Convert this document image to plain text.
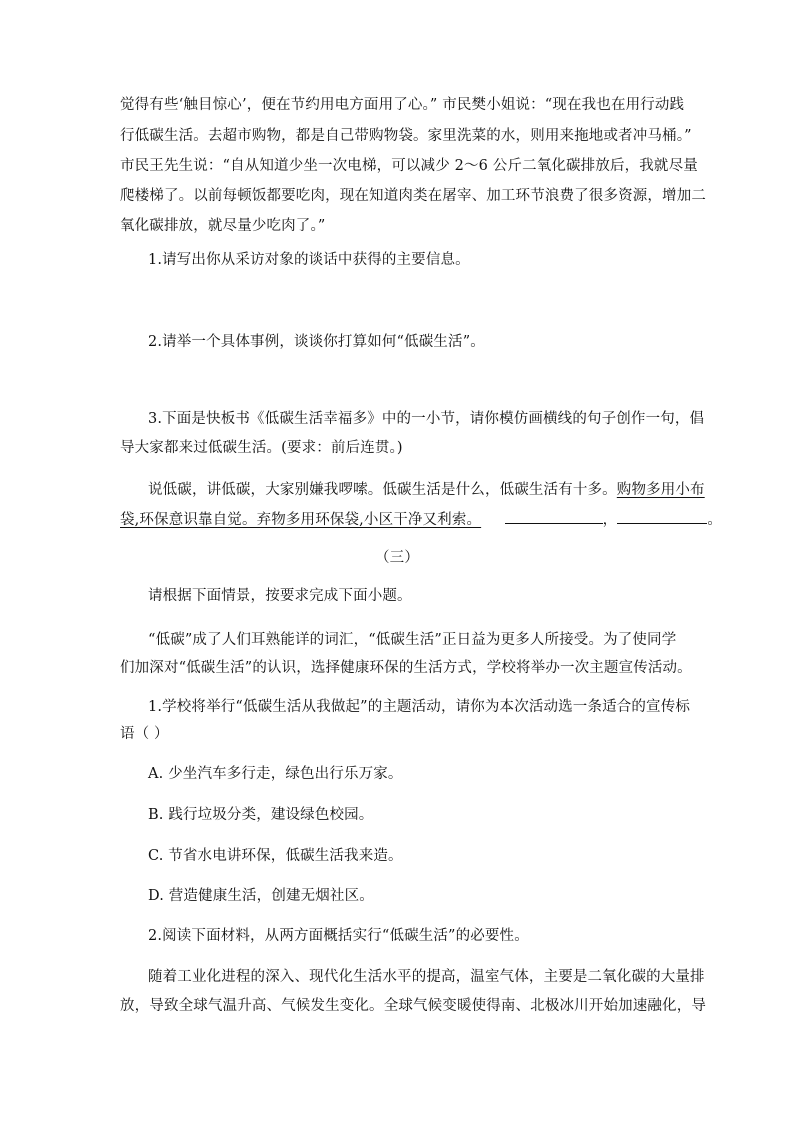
觉得有些‘触目惊心’，便在节约用电方面用了心。” 市民樊小姐说：“现在我也在用行动践
行低碳生活。去超市购物，都是自己带购物袋。家里洗菜的水，则用来拖地或者冲马桶。”
市民王先生说：“自从知道少坐一次电梯，可以减少 2～6 公斤二氧化碳排放后，我就尽量
爬楼梯了。以前每顿饭都要吃肉，现在知道肉类在屠宰、加工环节浪费了很多资源，增加二
氧化碳排放，就尽量少吃肉了。”
1.请写出你从采访对象的谈话中获得的主要信息。
2.请举一个具体事例，谈谈你打算如何“低碳生活”。
3.下面是快板书《低碳生活幸福多》中的一小节，请你模仿画横线的句子创作一句，倡
导大家都来过低碳生活。(要求：前后连贯。)
说低碳，讲低碳，大家别嫌我啰嗦。低碳生活是什么，低碳生活有十多。购物多用小布
袋,环保意识靠自觉。弃物多用环保袋,小区干净又利索。	，	。
（三）
请根据下面情景，按要求完成下面小题。
“低碳”成了人们耳熟能详的词汇，“低碳生活”正日益为更多人所接受。为了使同学
们加深对“低碳生活”的认识，选择健康环保的生活方式，学校将举办一次主题宣传活动。
1.学校将举行“低碳生活从我做起”的主题活动，请你为本次活动选一条适合的宣传标
语（ ）
A. 少坐汽车多行走，绿色出行乐万家。
B. 践行垃圾分类，建设绿色校园。
C. 节省水电讲环保，低碳生活我来造。
D. 营造健康生活，创建无烟社区。
2.阅读下面材料，从两方面概括实行“低碳生活”的必要性。
随着工业化进程的深入、现代化生活水平的提高，温室气体，主要是二氧化碳的大量排
放，导致全球气温升高、气候发生变化。全球气候变暖使得南、北极冰川开始加速融化，导
